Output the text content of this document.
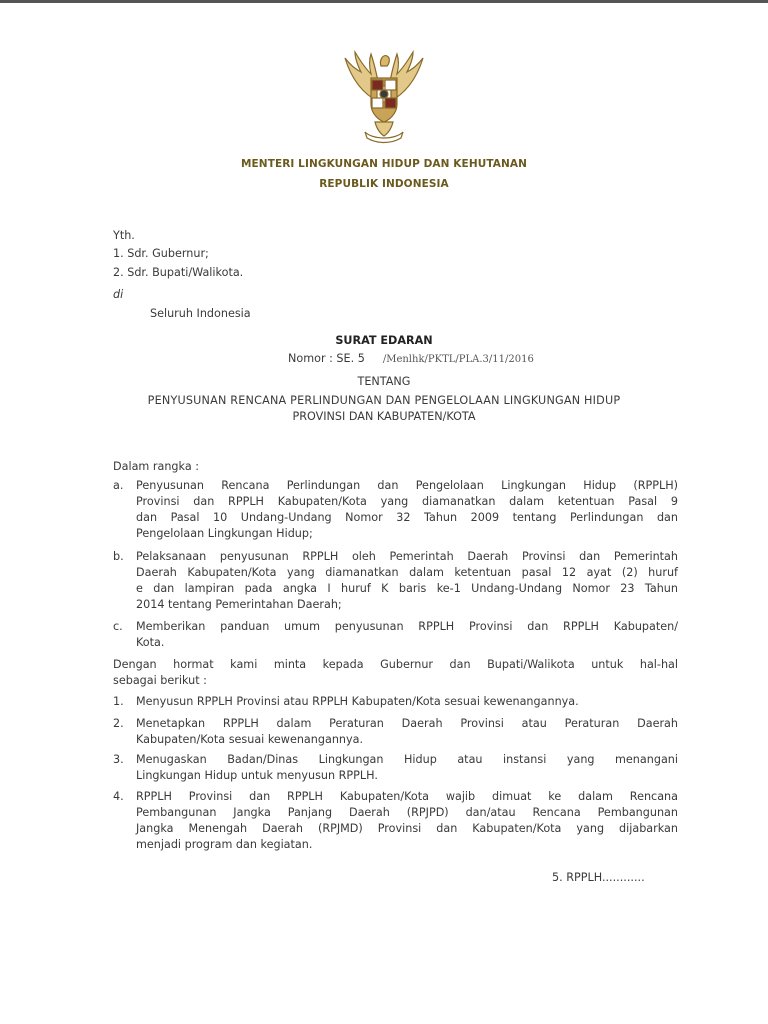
MENTERI LINGKUNGAN HIDUP DAN KEHUTANAN
REPUBLIK INDONESIA
Yth.
1. Sdr. Gubernur;
2. Sdr. Bupati/Walikota.
di
Seluruh Indonesia
SURAT EDARAN
Nomor : SE. 5 /Menlhk/PKTL/PLA.3/11/2016
TENTANG
PENYUSUNAN RENCANA PERLINDUNGAN DAN PENGELOLAAN LINGKUNGAN HIDUP
PROVINSI DAN KABUPATEN/KOTA
Dalam rangka :
a. Penyusunan Rencana Perlindungan dan Pengelolaan Lingkungan Hidup (RPPLH)
Provinsi dan RPPLH Kabupaten/Kota yang diamanatkan dalam ketentuan Pasal 9
dan Pasal 10 Undang-Undang Nomor 32 Tahun 2009 tentang Perlindungan dan
Pengelolaan Lingkungan Hidup;
b. Pelaksanaan penyusunan RPPLH oleh Pemerintah Daerah Provinsi dan Pemerintah
Daerah Kabupaten/Kota yang diamanatkan dalam ketentuan pasal 12 ayat (2) huruf
e dan lampiran pada angka I huruf K baris ke-1 Undang-Undang Nomor 23 Tahun
2014 tentang Pemerintahan Daerah;
c. Memberikan panduan umum penyusunan RPPLH Provinsi dan RPPLH Kabupaten/
Kota.
Dengan hormat kami minta kepada Gubernur dan Bupati/Walikota untuk hal-hal
sebagai berikut :
1. Menyusun RPPLH Provinsi atau RPPLH Kabupaten/Kota sesuai kewenangannya.
2. Menetapkan RPPLH dalam Peraturan Daerah Provinsi atau Peraturan Daerah
Kabupaten/Kota sesuai kewenangannya.
3. Menugaskan Badan/Dinas Lingkungan Hidup atau instansi yang menangani
Lingkungan Hidup untuk menyusun RPPLH.
4. RPPLH Provinsi dan RPPLH Kabupaten/Kota wajib dimuat ke dalam Rencana
Pembangunan Jangka Panjang Daerah (RPJPD) dan/atau Rencana Pembangunan
Jangka Menengah Daerah (RPJMD) Provinsi dan Kabupaten/Kota yang dijabarkan
menjadi program dan kegiatan.
5. RPPLH............
